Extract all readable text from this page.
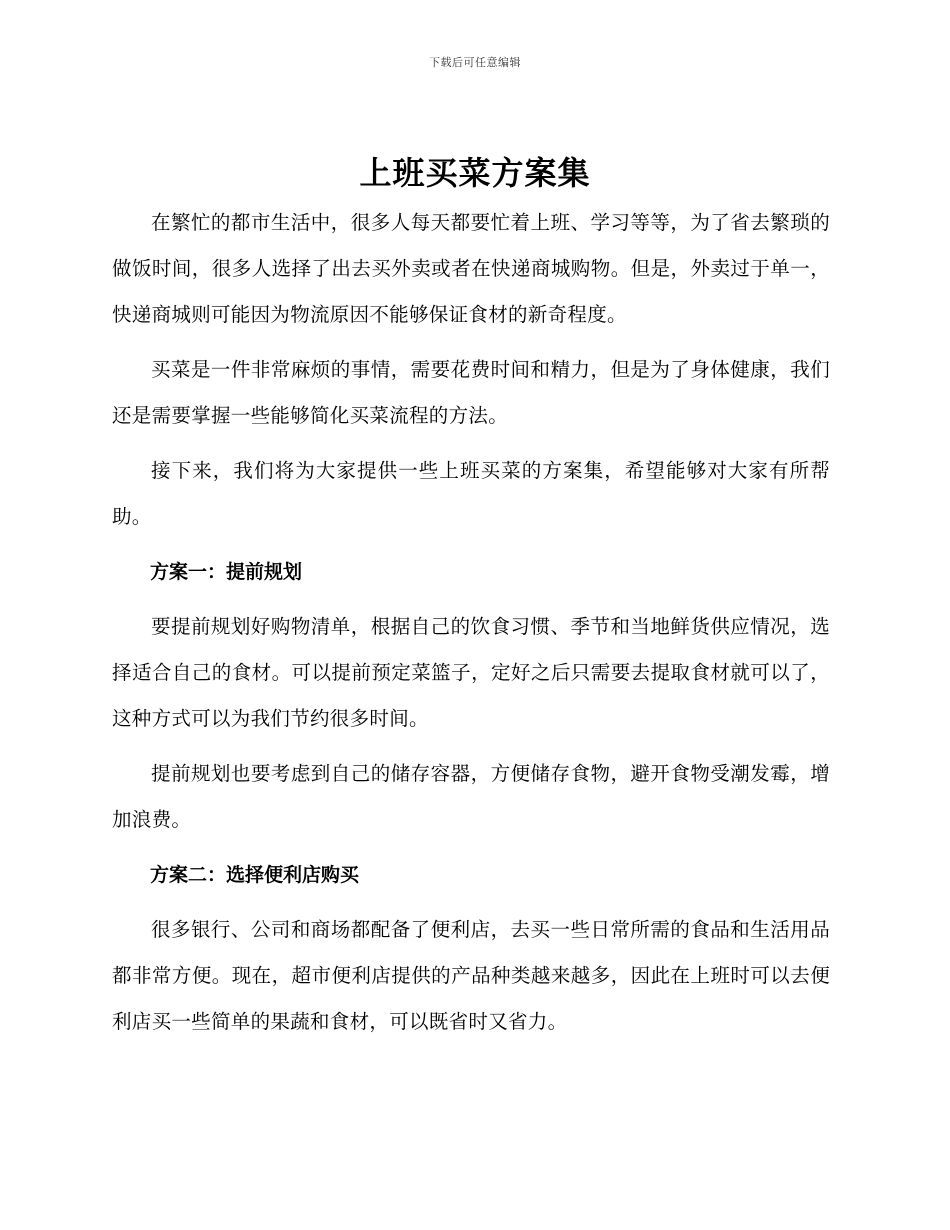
下载后可任意编辑
上班买菜方案集

在繁忙的都市生活中，很多人每天都要忙着上班、学习等等，为了省去繁琐的做饭时间，很多人选择了出去买外卖或者在快递商城购物。但是，外卖过于单一，快递商城则可能因为物流原因不能够保证食材的新奇程度。

买菜是一件非常麻烦的事情，需要花费时间和精力，但是为了身体健康，我们还是需要掌握一些能够简化买菜流程的方法。

接下来，我们将为大家提供一些上班买菜的方案集，希望能够对大家有所帮助。

方案一：提前规划

要提前规划好购物清单，根据自己的饮食习惯、季节和当地鲜货供应情况，选择适合自己的食材。可以提前预定菜篮子，定好之后只需要去提取食材就可以了，这种方式可以为我们节约很多时间。

提前规划也要考虑到自己的储存容器，方便储存食物，避开食物受潮发霉，增加浪费。

方案二：选择便利店购买

很多银行、公司和商场都配备了便利店，去买一些日常所需的食品和生活用品都非常方便。现在，超市便利店提供的产品种类越来越多，因此在上班时可以去便利店买一些简单的果蔬和食材，可以既省时又省力。
